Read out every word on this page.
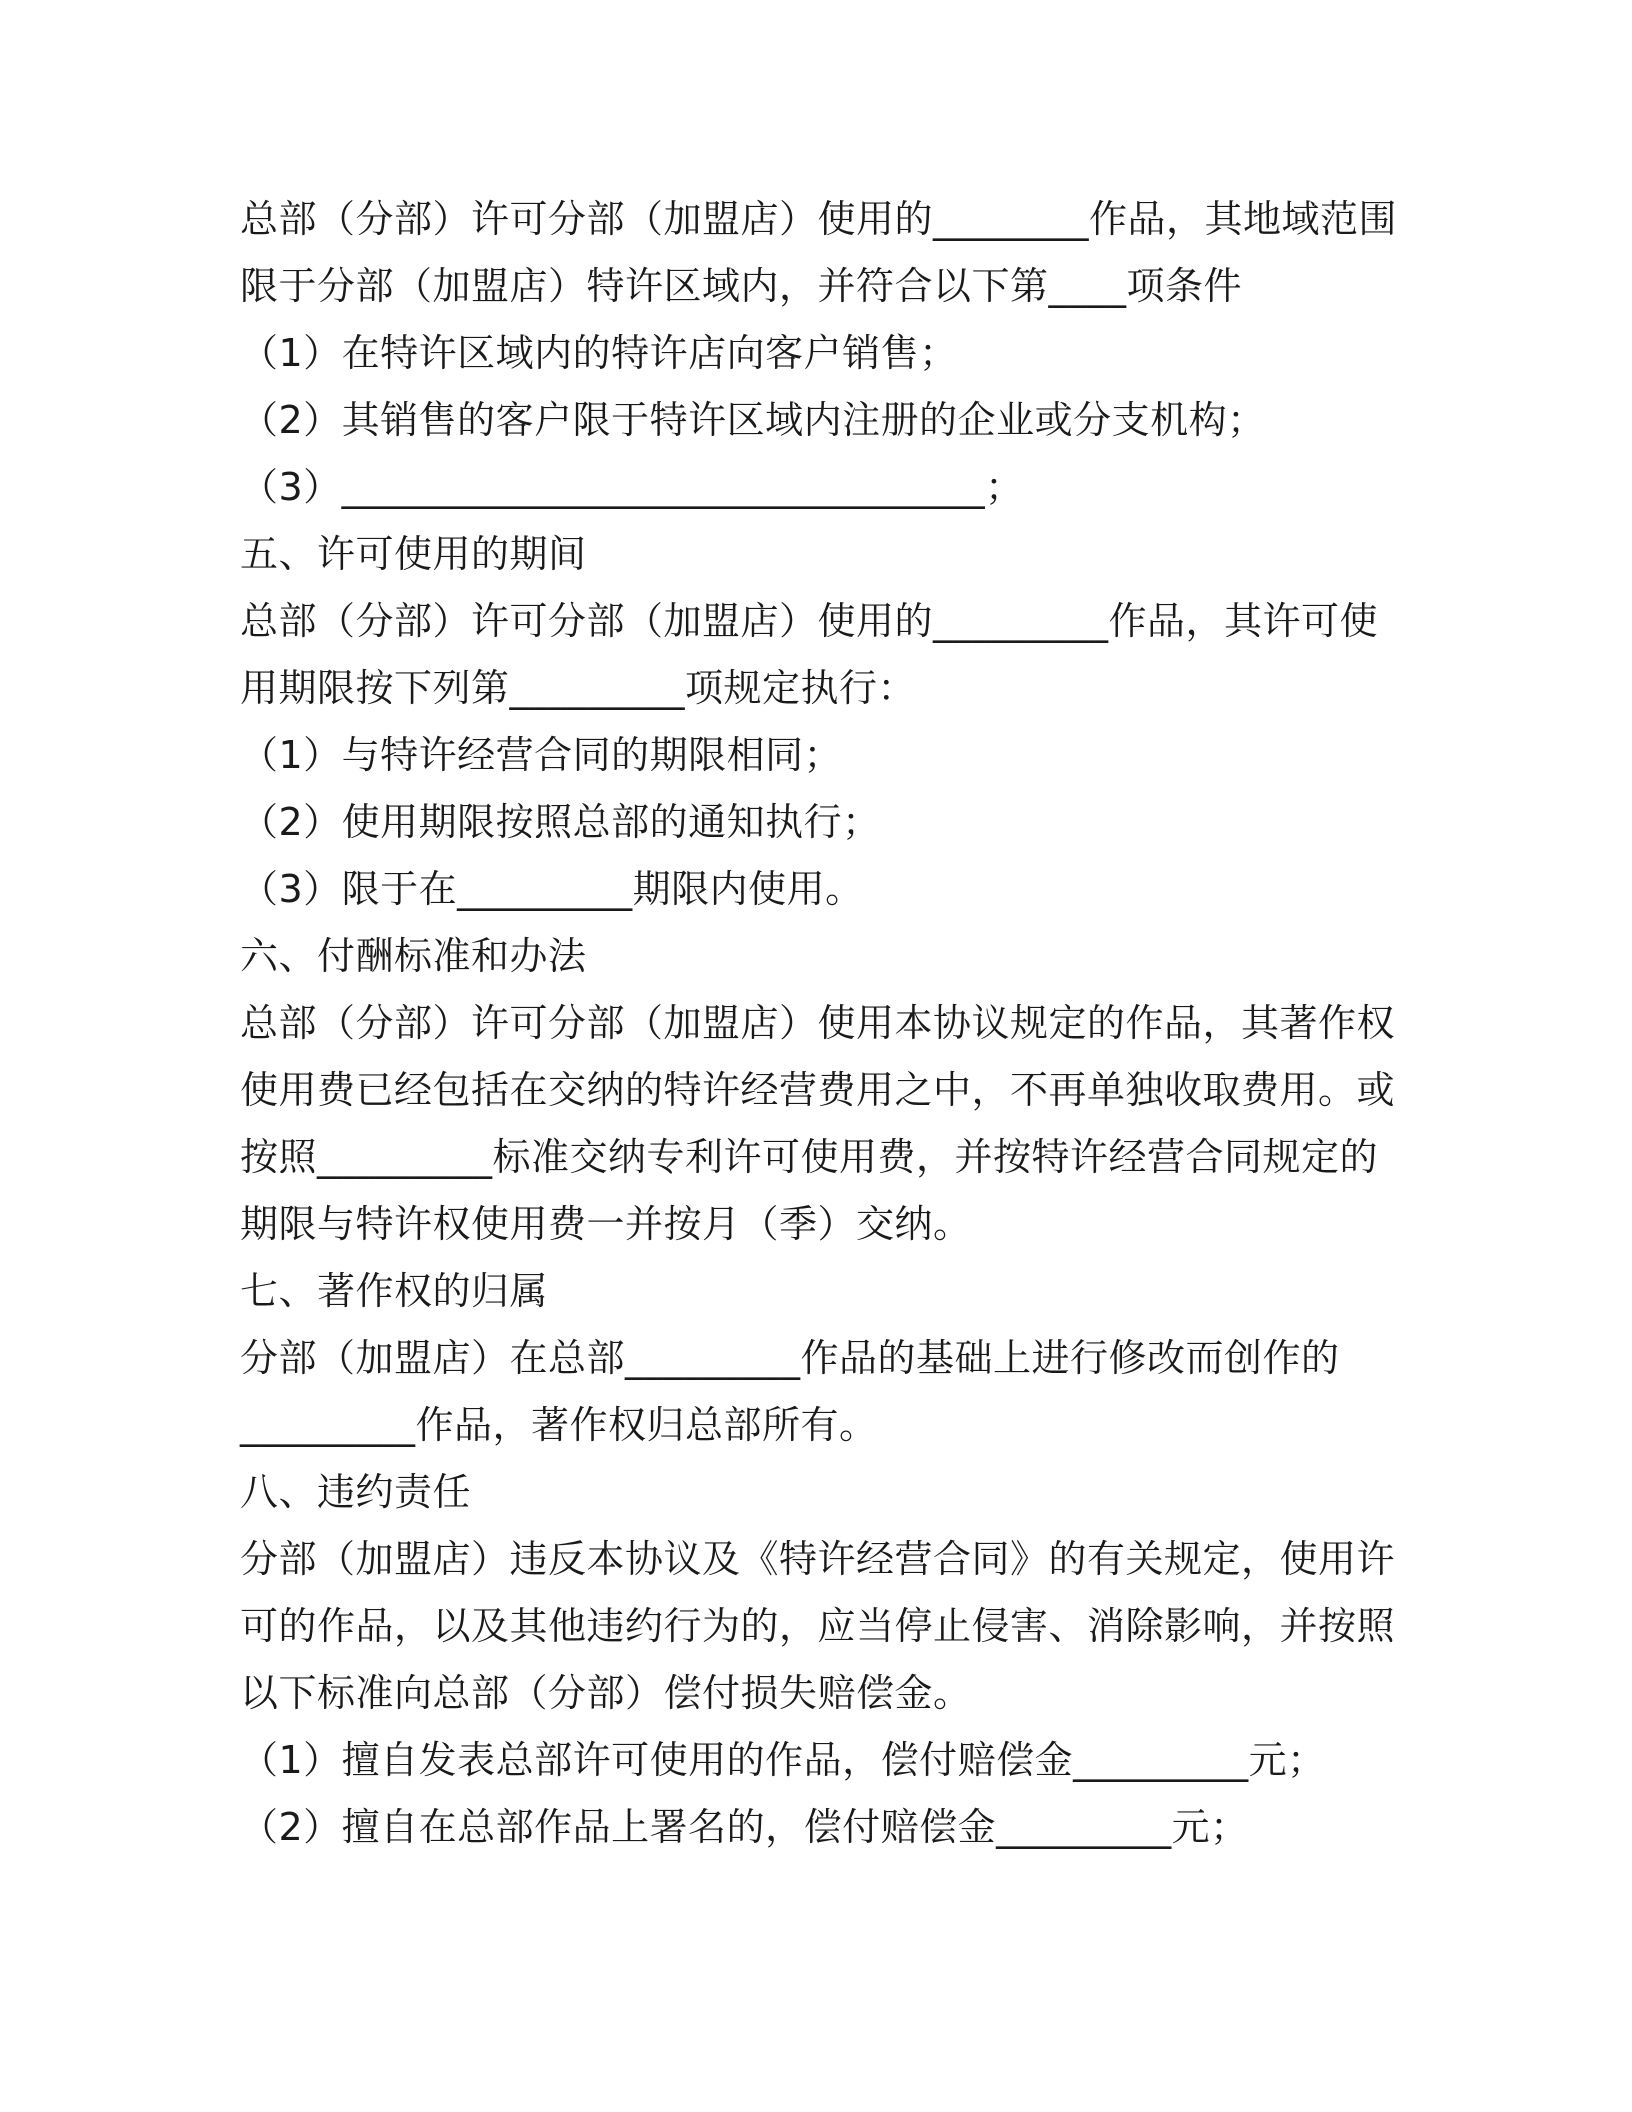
总部（分部）许可分部（加盟店）使用的________作品，其地域范围
限于分部（加盟店）特许区域内，并符合以下第____项条件
（1）在特许区域内的特许店向客户销售；
（2）其销售的客户限于特许区域内注册的企业或分支机构；
（3）_________________________________；
五、许可使用的期间
总部（分部）许可分部（加盟店）使用的_________作品，其许可使
用期限按下列第_________项规定执行：
（1）与特许经营合同的期限相同；
（2）使用期限按照总部的通知执行；
（3）限于在_________期限内使用。
六、付酬标准和办法
总部（分部）许可分部（加盟店）使用本协议规定的作品，其著作权
使用费已经包括在交纳的特许经营费用之中，不再单独收取费用。或
按照_________标准交纳专利许可使用费，并按特许经营合同规定的
期限与特许权使用费一并按月（季）交纳。
七、著作权的归属
分部（加盟店）在总部_________作品的基础上进行修改而创作的
_________作品，著作权归总部所有。
八、违约责任
分部（加盟店）违反本协议及《特许经营合同》的有关规定，使用许
可的作品，以及其他违约行为的，应当停止侵害、消除影响，并按照
以下标准向总部（分部）偿付损失赔偿金。
（1）擅自发表总部许可使用的作品，偿付赔偿金_________元；
（2）擅自在总部作品上署名的，偿付赔偿金_________元；
